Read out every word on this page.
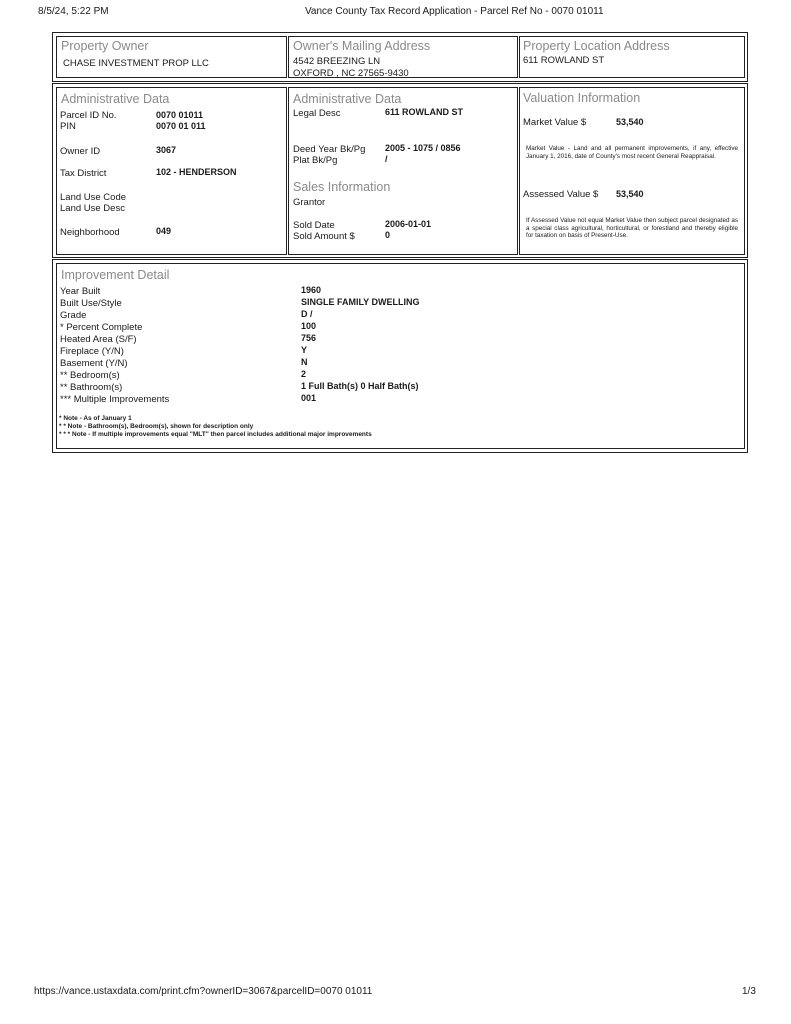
8/5/24, 5:22 PM	Vance County Tax Record Application - Parcel Ref No - 0070 01011
Property Owner
CHASE INVESTMENT PROP LLC
Owner's Mailing Address
4542 BREEZING LN
OXFORD , NC 27565-9430
Property Location Address
611 ROWLAND ST
Administrative Data
Parcel ID No.	0070 01011
PIN	0070 01 011
Owner ID	3067
Tax District	102 - HENDERSON
Land Use Code
Land Use Desc
Neighborhood	049
Administrative Data
Legal Desc	611 ROWLAND ST
Deed Year Bk/Pg 2005 - 1075 / 0856
Plat Bk/Pg	/
Sales Information
Grantor
Sold Date	2006-01-01
Sold Amount $	0
Valuation Information
Market Value $	53,540
Market Value - Land and all permanent improvements, if any, effective January 1, 2016, date of County's most recent General Reappraisal.
Assessed Value $ 53,540
If Assessed Value not equal Market Value then subject parcel designated as a special class agricultural, horticultural, or forestland and thereby eligible for taxation on basis of Present-Use.
Improvement Detail
Year Built	1960
Built Use/Style	SINGLE FAMILY DWELLING
Grade	D /
* Percent Complete	100
Heated Area (S/F)	756
Fireplace (Y/N)	Y
Basement (Y/N)	N
** Bedroom(s)	2
** Bathroom(s)	1 Full Bath(s) 0 Half Bath(s)
*** Multiple Improvements	001
* Note - As of January 1
* * Note - Bathroom(s), Bedroom(s), shown for description only
* * * Note - If multiple improvements equal "MLT" then parcel includes additional major improvements
https://vance.ustaxdata.com/print.cfm?ownerID=3067&parcelID=0070 01011	1/3
